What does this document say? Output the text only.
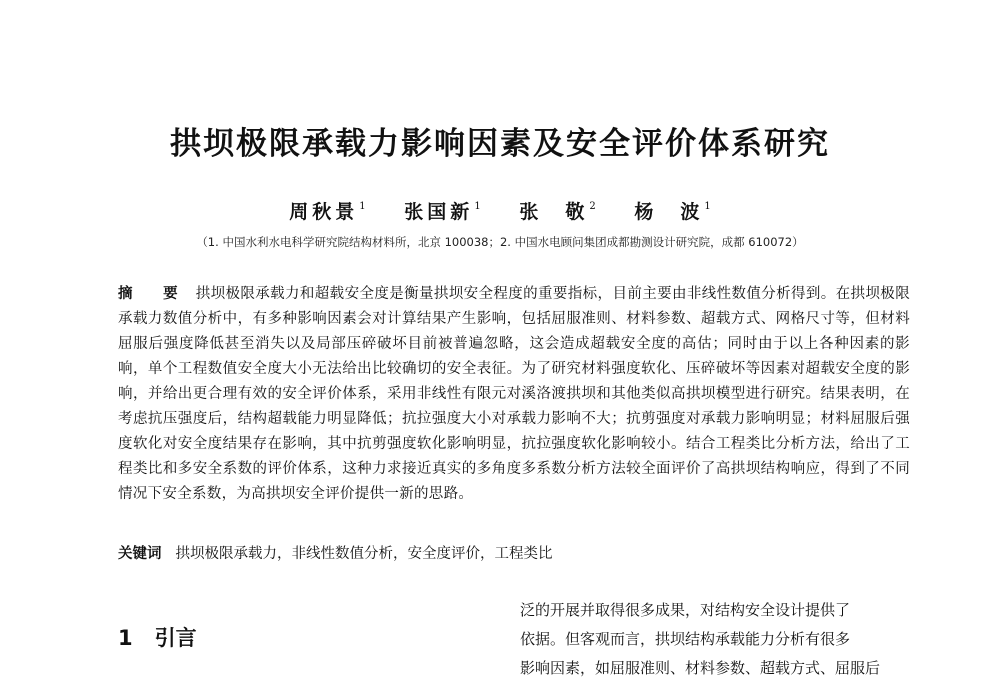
拱坝极限承载力影响因素及安全评价体系研究
周秋景$^1$ 张国新$^1$ 张　敬$^2$ 杨　波$^1$
（1. 中国水利水电科学研究院结构材料所，北京 100038；2. 中国水电顾问集团成都勘测设计研究院，成都 610072）
摘　要 拱坝极限承载力和超载安全度是衡量拱坝安全程度的重要指标，目前主要由非线性数值分析得到。在拱坝极限承载力数值分析中，有多种影响因素会对计算结果产生影响，包括屈服准则、材料参数、超载方式、网格尺寸等，但材料屈服后强度降低甚至消失以及局部压碎破坏目前被普遍忽略，这会造成超载安全度的高估；同时由于以上各种因素的影响，单个工程数值安全度大小无法给出比较确切的安全表征。为了研究材料强度软化、压碎破坏等因素对超载安全度的影响，并给出更合理有效的安全评价体系，采用非线性有限元对溪洛渡拱坝和其他类似高拱坝模型进行研究。结果表明，在考虑抗压强度后，结构超载能力明显降低；抗拉强度大小对承载力影响不大；抗剪强度对承载力影响明显；材料屈服后强度软化对安全度结果存在影响，其中抗剪强度软化影响明显，抗拉强度软化影响较小。结合工程类比分析方法，给出了工程类比和多安全系数的评价体系，这种力求接近真实的多角度多系数分析方法较全面评价了高拱坝结构响应，得到了不同情况下安全系数，为高拱坝安全评价提供一新的思路。
关键词 拱坝极限承载力，非线性数值分析，安全度评价，工程类比
1 引言
泛的开展并取得很多成果，对结构安全设计提供了
依据。但客观而言，拱坝结构承载能力分析有很多
影响因素，如屈服准则、材料参数、超载方式、屈服后
